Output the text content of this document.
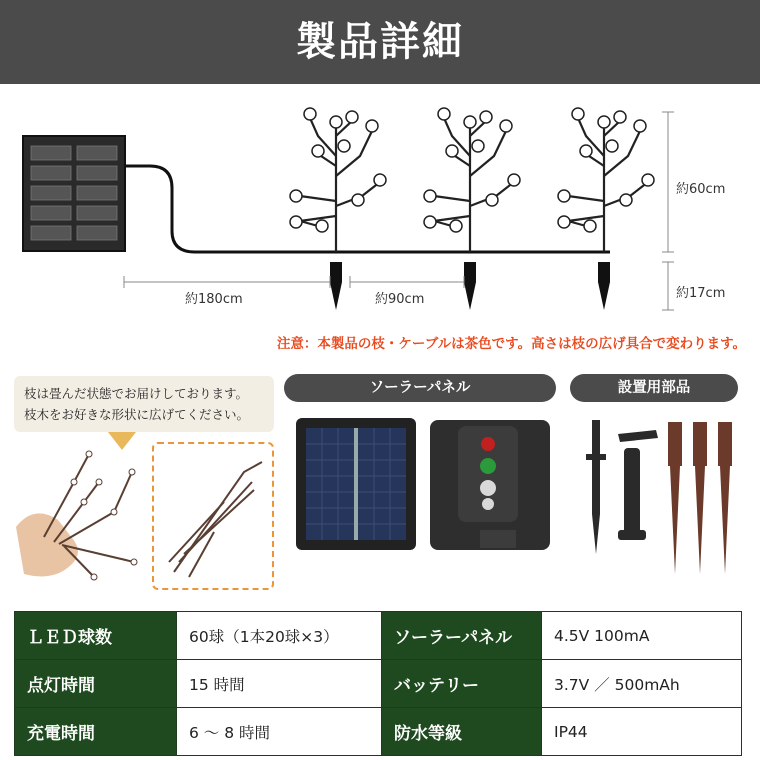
製品詳細
約60cm
約17cm
約180cm	約90cm
注意：本製品の枝・ケーブルは茶色です。高さは枝の広げ具合で変わります。
枝は畳んだ状態でお届けしております。
枝木をお好きな形状に広げてください。
ソーラーパネル	設置用部品
ＬＥＤ球数	60球（1本20球×3）	ソーラーパネル	4.5V 100mA
点灯時間	15 時間	バッテリー	3.7V ／ 500mAh
充電時間	6 ～ 8 時間	防水等級	IP44
